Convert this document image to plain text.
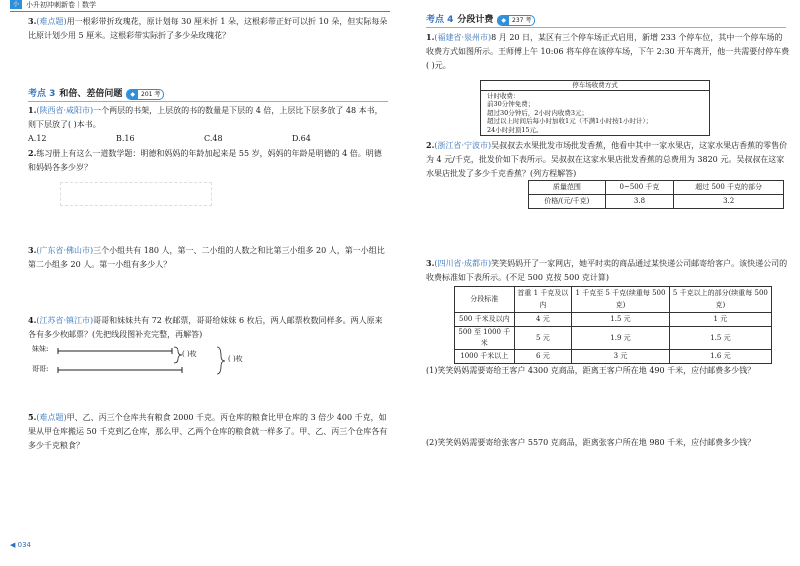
小	小升初冲刺新卷｜数学
3.(难点题)用一根彩带折玫瑰花，原计划每 30 厘米折 1 朵，这根彩带正好可以折 10 朵，但实际每朵比原计划少用 5 厘米。这根彩带实际折了多少朵玫瑰花？
考点 3 和倍、差倍问题	◆	201 考
1.(陕西省·咸阳市)一个两层的书架，上层放的书的数量是下层的 4 倍，上层比下层多放了 48 本书，则下层放了( )本书。
A.12	B.16	C.48	D.64
2.练习册上有这么一道数学题：明德和妈妈的年龄加起来是 55 岁，妈妈的年龄是明德的 4 倍。明德和妈妈各多少岁？
3.(广东省·佛山市)三个小组共有 180 人，第一、二小组的人数之和比第三小组多 20 人，第一小组比第二小组多 20 人。第一小组有多少人？
4.(江苏省·镇江市)哥哥和妹妹共有 72 枚邮票，哥哥给妹妹 6 枚后，两人邮票枚数同样多。两人原来各有多少枚邮票？(先把线段图补充完整，再解答)
妹妹:
( )枚
( )枚
哥哥:
5.(难点题)甲、乙、丙三个仓库共有粮食 2000 千克。丙仓库的粮食比甲仓库的 3 倍少 400 千克，如果从甲仓库搬运 50 千克到乙仓库，那么甲、乙两个仓库的粮食就一样多了。甲、乙、丙三个仓库各有多少千克粮食？
◀ 034
考点 4 分段计费	◆	237 考
1.(福建省·泉州市)8 月 20 日，某区有三个停车场正式启用，新增 233 个停车位，其中一个停车场的收费方式如图所示。王师傅上午 10:06 将车停在该停车场，下午 2:30 开车离开，他一共需要付停车费( )元。
停车场收费方式
计时收费：
前30分钟免费；
超过30分钟后，2小时内收费3元；
超过以上时间后每小时加收1元（不满1小时按1小时计）；
24小时封顶15元。
2.(浙江省·宁波市)吴叔叔去水果批发市场批发香蕉，他看中其中一家水果店，这家水果店香蕉的零售价为 4 元/千克，批发价如下表所示。吴叔叔在这家水果店批发香蕉的总费用为 3820 元。吴叔叔在这家水果店批发了多少千克香蕉？(列方程解答)
质量范围	0~500 千克	超过 500 千克的部分
价格/(元/千克)	3.8	3.2
3.(四川省·成都市)笑笑妈妈开了一家网店，她平时卖的商品通过某快递公司邮寄给客户。该快递公司的收费标准如下表所示。(不足 500 克按 500 克计算)
分段标准	首重 1 千克及以内	1 千克至 5 千克(续重每 500 克)	5 千克以上的部分(续重每 500 克)
500 千米及以内	4 元	1.5 元	1 元
500 至 1000 千米	5 元	1.9 元	1.5 元
1000 千米以上	6 元	3 元	1.6 元
(1)笑笑妈妈需要寄给王客户 4300 克商品，距离王客户所在地 490 千米，应付邮费多少钱？
(2)笑笑妈妈需要寄给张客户 5570 克商品，距离张客户所在地 980 千米，应付邮费多少钱？
